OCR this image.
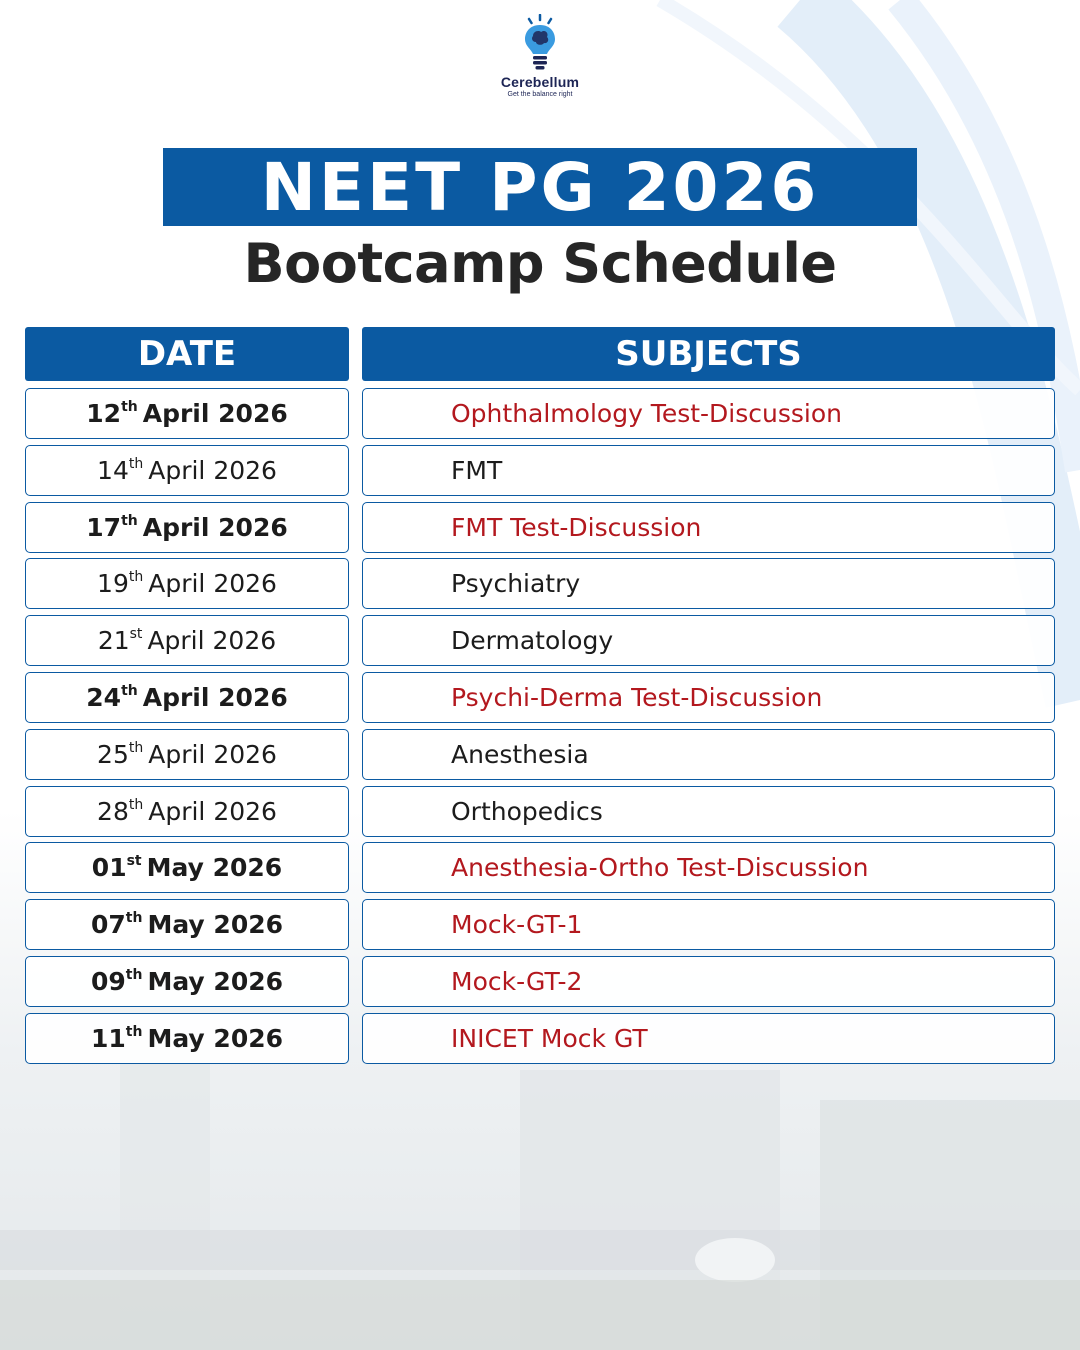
Cerebellum
Get the balance right
NEET PG 2026
Bootcamp Schedule
DATE	SUBJECTS
12th April 2026	Ophthalmology Test-Discussion
14th April 2026	FMT
17th April 2026	FMT Test-Discussion
19th April 2026	Psychiatry
21st April 2026	Dermatology
24th April 2026	Psychi-Derma Test-Discussion
25th April 2026	Anesthesia
28th April 2026	Orthopedics
01st May 2026	Anesthesia-Ortho Test-Discussion
07th May 2026	Mock-GT-1
09th May 2026	Mock-GT-2
11th May 2026	INICET Mock GT
